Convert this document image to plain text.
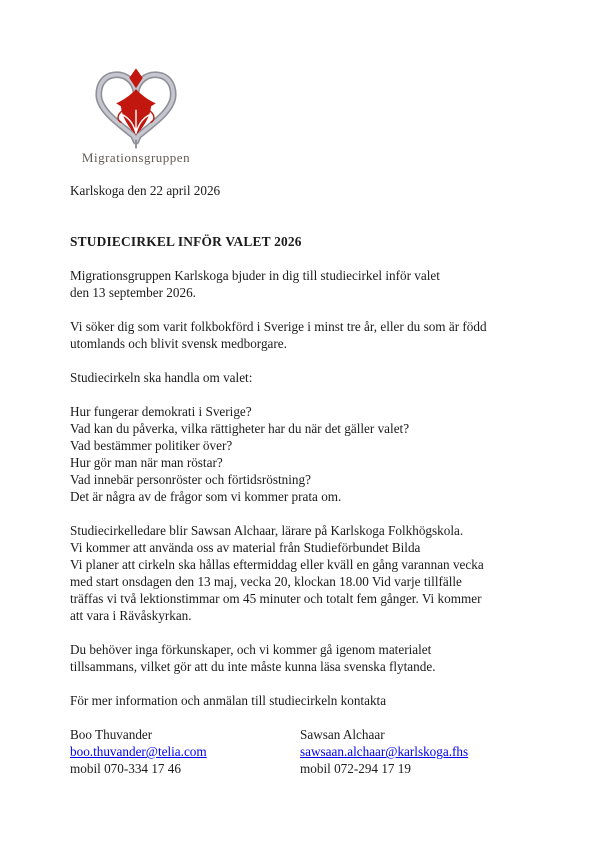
Migrationsgruppen
Karlskoga den 22 april 2026
STUDIECIRKEL INFÖR VALET 2026
Migrationsgruppen Karlskoga bjuder in dig till studiecirkel inför valet
den 13 september 2026.
Vi söker dig som varit folkbokförd i Sverige i minst tre år, eller du som är född
utomlands och blivit svensk medborgare.
Studiecirkeln ska handla om valet:
Hur fungerar demokrati i Sverige?
Vad kan du påverka, vilka rättigheter har du när det gäller valet?
Vad bestämmer politiker över?
Hur gör man när man röstar?
Vad innebär personröster och förtidsröstning?
Det är några av de frågor som vi kommer prata om.
Studiecirkelledare blir Sawsan Alchaar, lärare på Karlskoga Folkhögskola.
Vi kommer att använda oss av material från Studieförbundet Bilda
Vi planer att cirkeln ska hållas eftermiddag eller kväll en gång varannan vecka
med start onsdagen den 13 maj, vecka 20, klockan 18.00 Vid varje tillfälle
träffas vi två lektionstimmar om 45 minuter och totalt fem gånger. Vi kommer
att vara i Rävåskyrkan.
Du behöver inga förkunskaper, och vi kommer gå igenom materialet
tillsammans, vilket gör att du inte måste kunna läsa svenska flytande.
För mer information och anmälan till studiecirkeln kontakta
Boo Thuvander
boo.thuvander@telia.com
mobil 070-334 17 46
Sawsan Alchaar
sawsaan.alchaar@karlskoga.fhs
mobil 072-294 17 19
